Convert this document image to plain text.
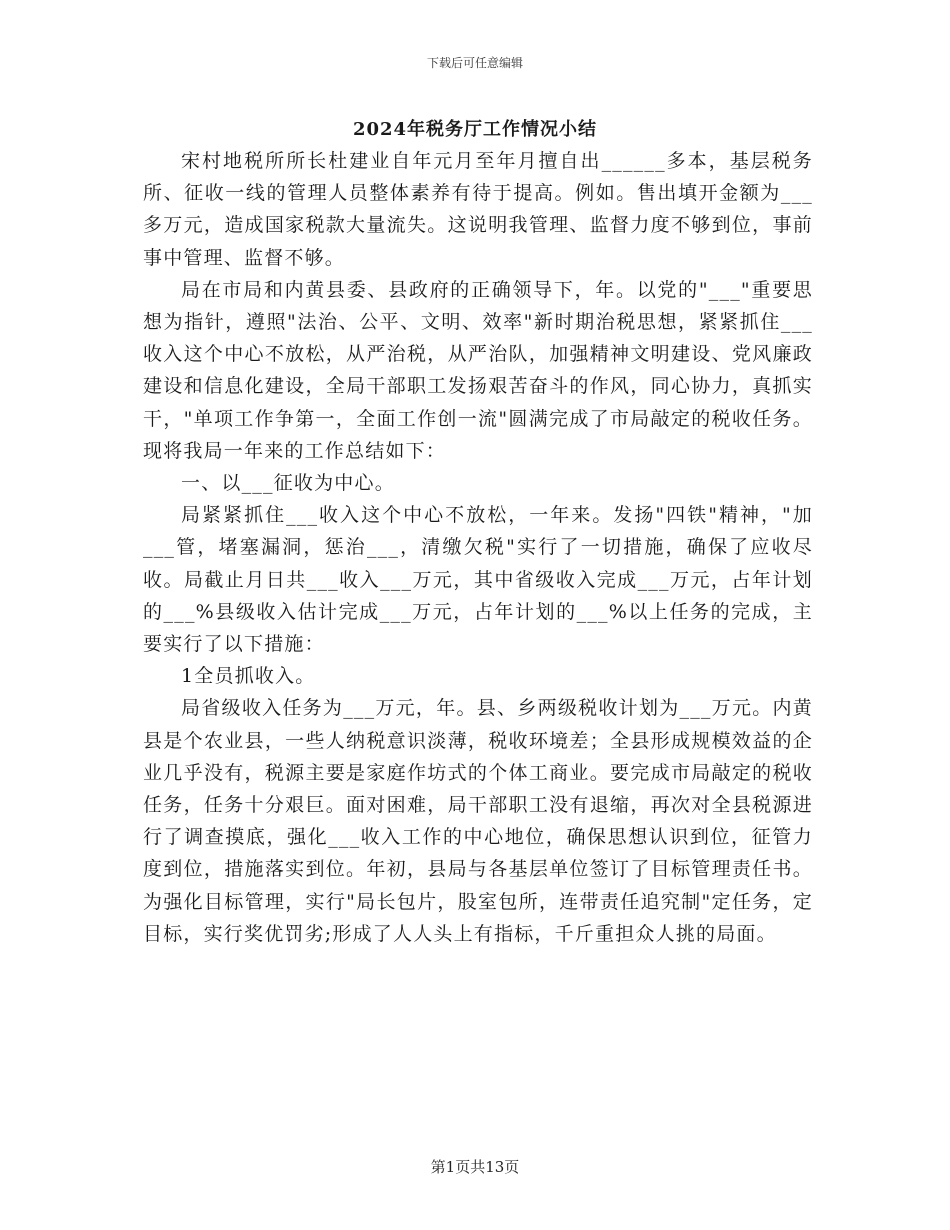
下载后可任意编辑
2024年税务厅工作情况小结

宋村地税所所长杜建业自年元月至年月擅自出______多本，基层税务所、征收一线的管理人员整体素养有待于提高。例如。售出填开金额为___多万元，造成国家税款大量流失。这说明我管理、监督力度不够到位，事前事中管理、监督不够。

局在市局和内黄县委、县政府的正确领导下，年。以党的"___"重要思想为指针，遵照"法治、公平、文明、效率"新时期治税思想，紧紧抓住___收入这个中心不放松，从严治税，从严治队，加强精神文明建设、党风廉政建设和信息化建设，全局干部职工发扬艰苦奋斗的作风，同心协力，真抓实干，"单项工作争第一，全面工作创一流"圆满完成了市局敲定的税收任务。现将我局一年来的工作总结如下：

一、以___征收为中心。

局紧紧抓住___收入这个中心不放松，一年来。发扬"四铁"精神，"加___管，堵塞漏洞，惩治___，清缴欠税"实行了一切措施，确保了应收尽收。局截止月日共___收入___万元，其中省级收入完成___万元，占年计划的___%县级收入估计完成___万元，占年计划的___%以上任务的完成，主要实行了以下措施：

1全员抓收入。

局省级收入任务为___万元，年。县、乡两级税收计划为___万元。内黄县是个农业县，一些人纳税意识淡薄，税收环境差；全县形成规模效益的企业几乎没有，税源主要是家庭作坊式的个体工商业。要完成市局敲定的税收任务，任务十分艰巨。面对困难，局干部职工没有退缩，再次对全县税源进行了调查摸底，强化___收入工作的中心地位，确保思想认识到位，征管力度到位，措施落实到位。年初，县局与各基层单位签订了目标管理责任书。为强化目标管理，实行"局长包片，股室包所，连带责任追究制"定任务，定目标，实行奖优罚劣;形成了人人头上有指标，千斤重担众人挑的局面。

第1页共13页
